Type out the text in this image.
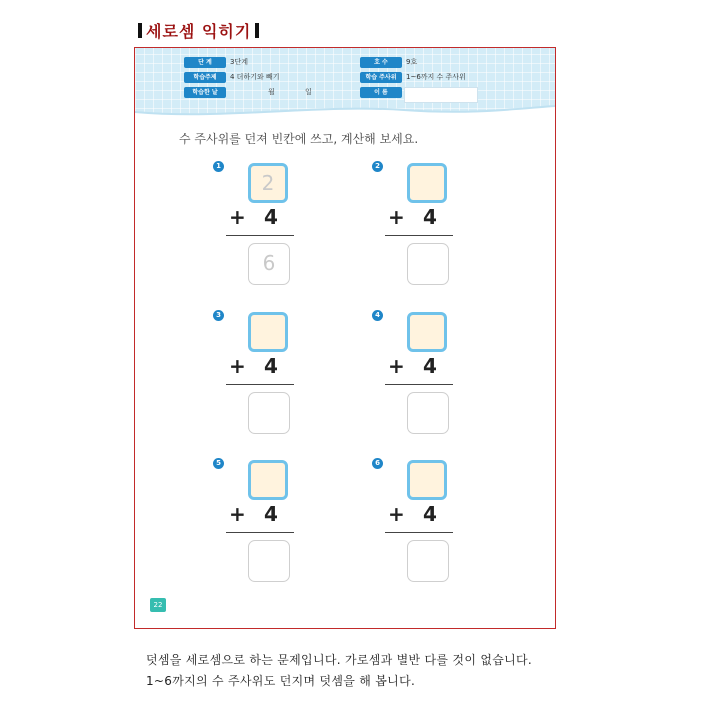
세로셈 익히기
단 계	3단계
학습주제	4 더하기와 빼기
학습한 날	월	일
호 수	9호
학습 주사위	1~6까지 수 주사위
이 름
수 주사위를 던져 빈칸에 쓰고, 계산해 보세요.
1
2
+ 4
6
2
+ 4
3
+ 4
4
+ 4
5
+ 4
6
+ 4
22
덧셈을 세로셈으로 하는 문제입니다. 가로셈과 별반 다를 것이 없습니다.
1~6까지의 수 주사위도 던지며 덧셈을 해 봅니다.
